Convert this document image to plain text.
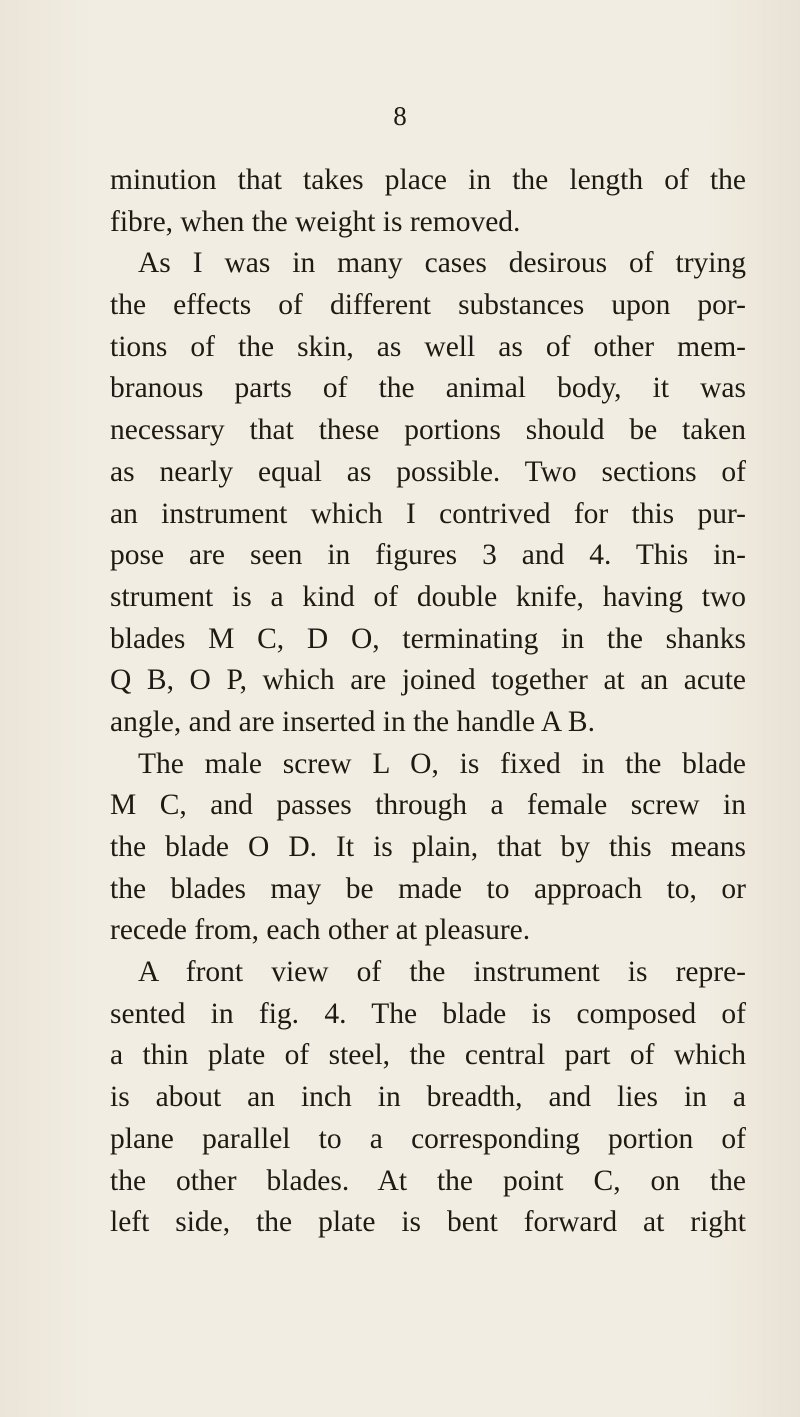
8
minution that takes place in the length of the
fibre, when the weight is removed.
As I was in many cases desirous of trying
the effects of different substances upon por-
tions of the skin, as well as of other mem-
branous parts of the animal body, it was
necessary that these portions should be taken
as nearly equal as possible. Two sections of
an instrument which I contrived for this pur-
pose are seen in figures 3 and 4. This in-
strument is a kind of double knife, having two
blades M C, D O, terminating in the shanks
Q B, O P, which are joined together at an acute
angle, and are inserted in the handle A B.
The male screw L O, is fixed in the blade
M C, and passes through a female screw in
the blade O D. It is plain, that by this means
the blades may be made to approach to, or
recede from, each other at pleasure.
A front view of the instrument is repre-
sented in fig. 4. The blade is composed of
a thin plate of steel, the central part of which
is about an inch in breadth, and lies in a
plane parallel to a corresponding portion of
the other blades. At the point C, on the
left side, the plate is bent forward at right
